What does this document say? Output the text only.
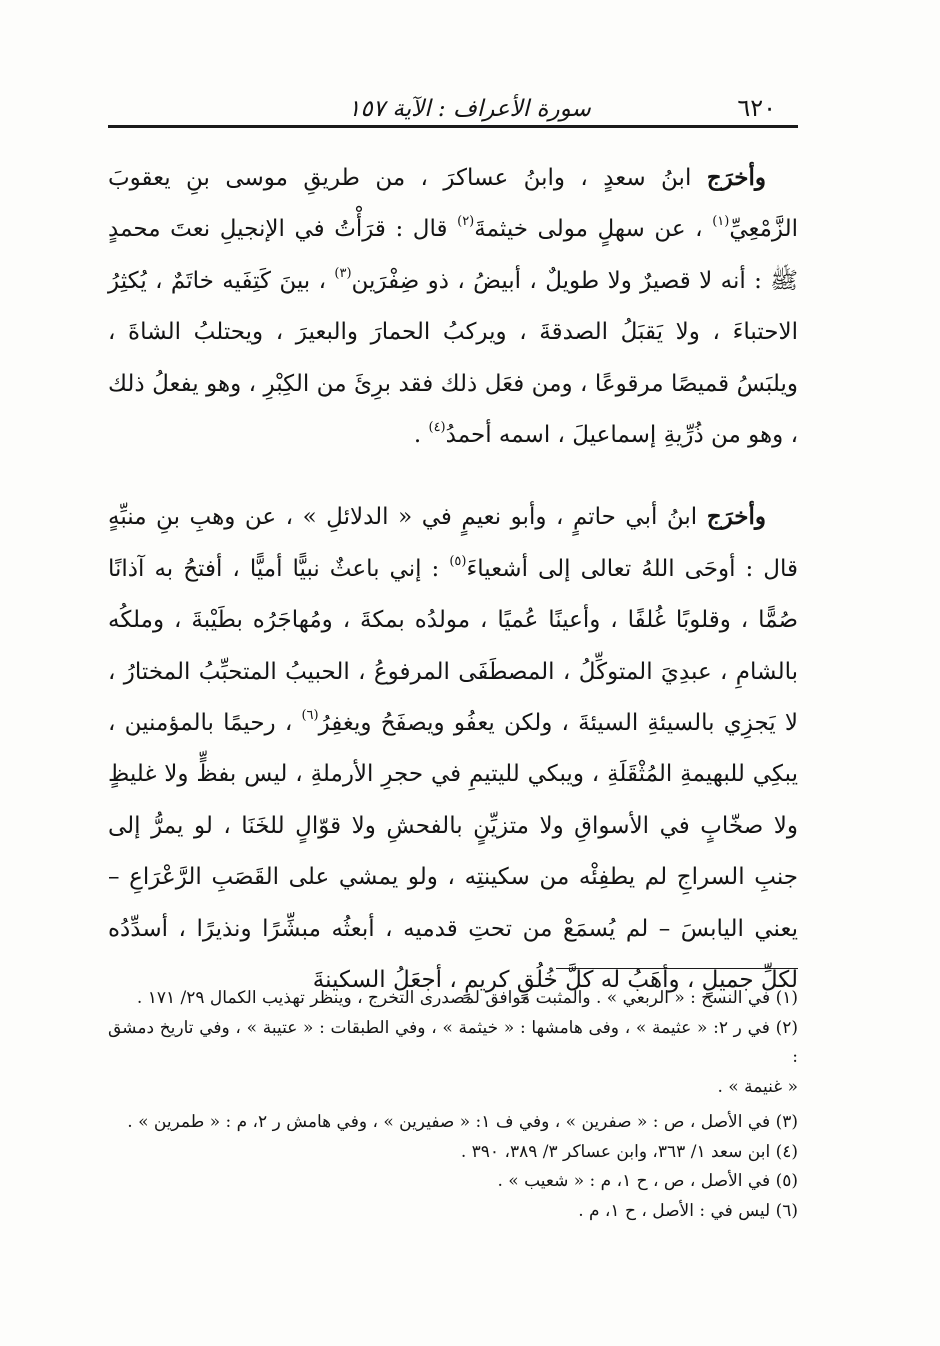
٦٢٠
سورة الأعراف : الآية ١٥٧

وأخرَج ابنُ سعدٍ ، وابنُ عساكرَ ، من طريقِ موسى بنِ يعقوبَ الزَّمْعِيِّ$^{(١)}$ ، عن سهلٍ مولى خيثمةَ$^{(٢)}$ قال : قرَأْتُ في الإنجيلِ نعتَ محمدٍ ﷺ : أنه لا قصيرٌ ولا طويلٌ ، أبيضُ ، ذو ضِفْرَين$^{(٣)}$ ، بينَ كَتِفَيه خاتَمٌ ، يُكثِرُ الاحتباءَ ، ولا يَقبَلُ الصدقةَ ، ويركبُ الحمارَ والبعيرَ ، ويحتلبُ الشاةَ ، ويلبَسُ قميصًا مرقوعًا ، ومن فعَل ذلك فقد برِئَ من الكِبْرِ ، وهو يفعلُ ذلك ، وهو من ذُرِّيةِ إسماعيلَ ، اسمه أحمدُ$^{(٤)}$ .

وأخرَج ابنُ أبي حاتمٍ ، وأبو نعيمٍ في « الدلائلِ » ، عن وهبِ بنِ منبِّهٍ قال : أوحَى اللهُ تعالى إلى أشعياءَ$^{(٥)}$ : إني باعثٌ نبيًّا أميًّا ، أفتحُ به آذانًا صُمًّا ، وقلوبًا غُلفًا ، وأعينًا عُميًا ، مولدُه بمكةَ ، ومُهاجَرُه بطَيْبةَ ، وملكُه بالشامِ ، عبدِيَ المتوكِّلُ ، المصطَفَى المرفوعُ ، الحبيبُ المتحبِّبُ المختارُ ، لا يَجزِي بالسيئةِ السيئةَ ، ولكن يعفُو ويصفَحُ ويغفِرُ$^{(٦)}$ ، رحيمًا بالمؤمنين ، يبكِي للبهيمةِ المُثْقَلَةِ ، ويبكي لليتيمِ في حجرِ الأرملةِ ، ليس بفظٍّ ولا غليظٍ ولا صخّابٍ في الأسواقِ ولا متزيِّنٍ بالفحشِ ولا قوّالٍ للخَنَا ، لو يمرُّ إلى جنبِ السراجِ لم يطفِئْه من سكينتِه ، ولو يمشي على القَصَبِ الرَّعْرَاعِ – يعني اليابسَ – لم يُسمَعْ من تحتِ قدميه ، أبعثُه مبشِّرًا ونذيرًا ، أسدِّدُه لكلِّ جميلٍ ، وأهَبُ له كلَّ خُلُقٍ كريمٍ ، أجعَلُ السكينةَ

(١) في النسخ : « الربعي » . والمثبت موافق لمصدرى التخرج ، وينظر تهذيب الكمال ٢٩/ ١٧١ .

(٢) في ر ٢: « عثيمة » ، وفى هامشها : « خيثمة » ، وفي الطبقات : « عتيبة » ، وفي تاريخ دمشق :

« غنيمة » .

(٣) في الأصل ، ص : « صفرين » ، وفي ف ١: « صفيرين » ، وفي هامش ر ٢، م : « طمرين » .

(٤) ابن سعد ١/ ٣٦٣، وابن عساكر ٣/ ٣٨٩، ٣٩٠ .

(٥) في الأصل ، ص ، ح ١، م : « شعيب » .

(٦) ليس في : الأصل ، ح ١، م .
